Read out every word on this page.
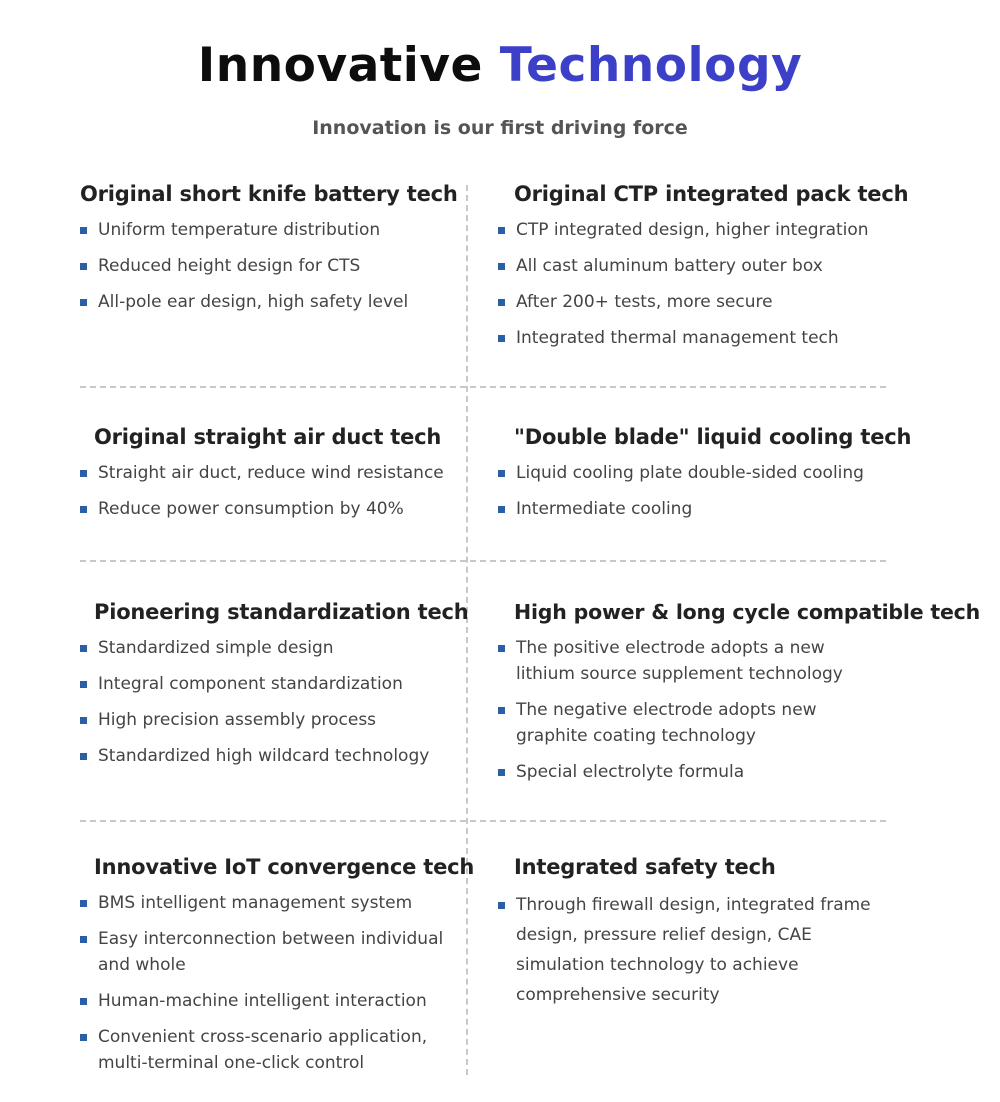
Innovative Technology
Innovation is our first driving force
Original short knife battery tech
Uniform temperature distribution
Reduced height design for CTS
All-pole ear design, high safety level
Original CTP integrated pack tech
CTP integrated design, higher integration
All cast aluminum battery outer box
After 200+ tests, more secure
Integrated thermal management tech
Original straight air duct tech
Straight air duct, reduce wind resistance
Reduce power consumption by 40%
"Double blade" liquid cooling tech
Liquid cooling plate double-sided cooling
Intermediate cooling
Pioneering standardization tech
Standardized simple design
Integral component standardization
High precision assembly process
Standardized high wildcard technology
High power & long cycle compatible tech
The positive electrode adopts a new lithium source supplement technology
The negative electrode adopts new graphite coating technology
Special electrolyte formula
Innovative IoT convergence tech
BMS intelligent management system
Easy interconnection between individual and whole
Human-machine intelligent interaction
Convenient cross-scenario application, multi-terminal one-click control
Integrated safety tech
Through firewall design, integrated frame design, pressure relief design, CAE simulation technology to achieve comprehensive security
